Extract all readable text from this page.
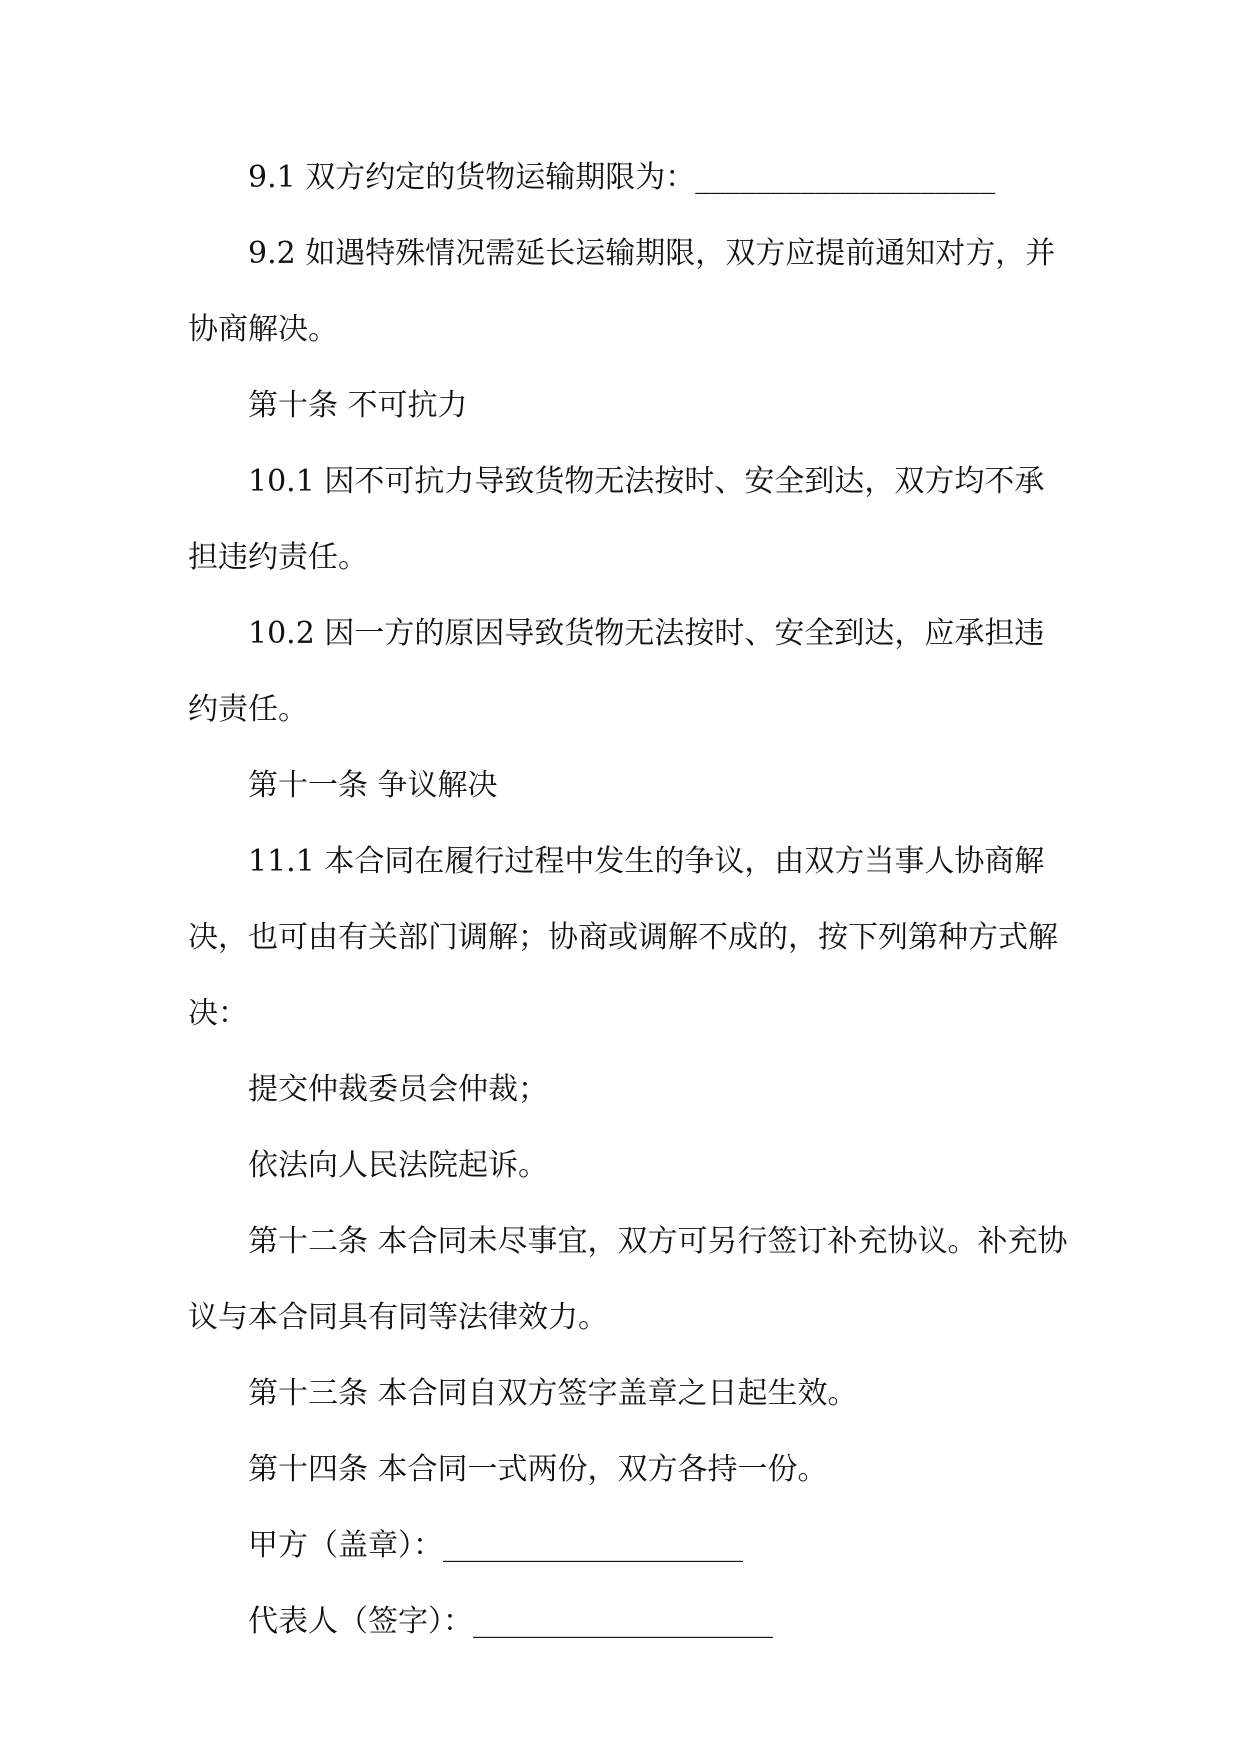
9.1 双方约定的货物运输期限为：____________________

9.2 如遇特殊情况需延长运输期限，双方应提前通知对方，并协商解决。

第十条 不可抗力

10.1 因不可抗力导致货物无法按时、安全到达，双方均不承担违约责任。

10.2 因一方的原因导致货物无法按时、安全到达，应承担违约责任。

第十一条 争议解决

11.1 本合同在履行过程中发生的争议，由双方当事人协商解决，也可由有关部门调解；协商或调解不成的，按下列第种方式解决：

提交仲裁委员会仲裁；

依法向人民法院起诉。

第十二条 本合同未尽事宜，双方可另行签订补充协议。补充协议与本合同具有同等法律效力。

第十三条 本合同自双方签字盖章之日起生效。

第十四条 本合同一式两份，双方各持一份。

甲方（盖章）：____________________

代表人（签字）：____________________
